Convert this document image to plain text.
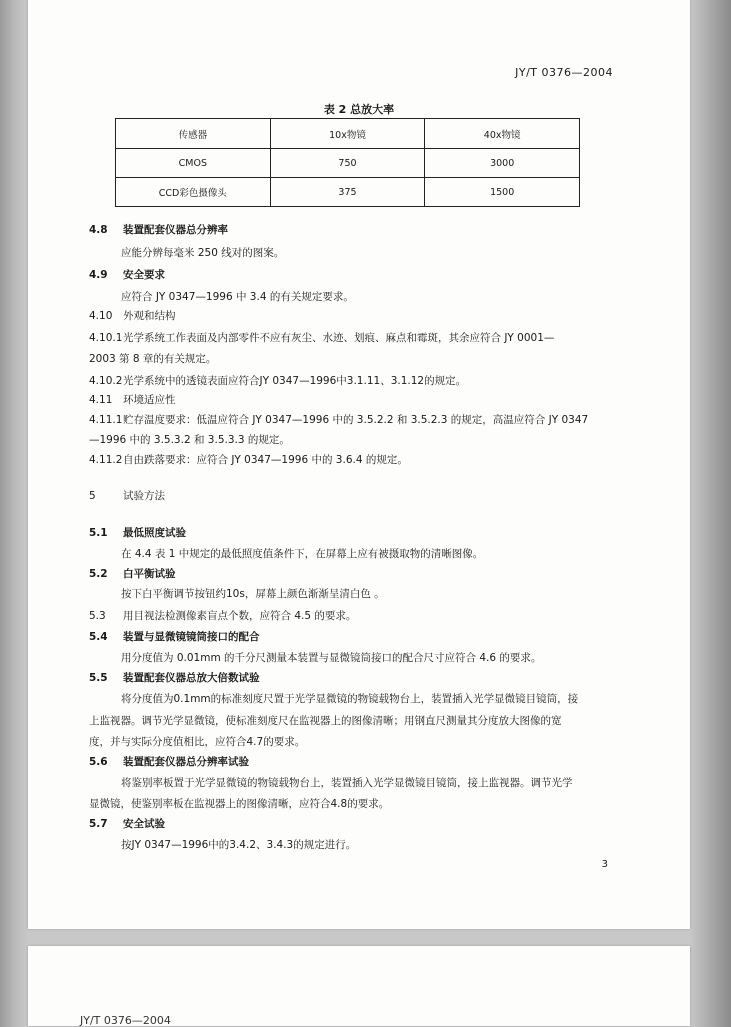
JY/T 0376—2004
表 2 总放大率
传感器	10x物镜	40x物镜
CMOS	750	3000
CCD彩色摄像头	375	1500
4.8 装置配套仪器总分辨率
应能分辨每毫米 250 线对的图案。
4.9 安全要求
应符合 JY 0347—1996 中 3.4 的有关规定要求。
4.10 外观和结构
4.10.1光学系统工作表面及内部零件不应有灰尘、水迹、划痕、麻点和霉斑，其余应符合 JY 0001—
2003 第 8 章的有关规定。
4.10.2光学系统中的透镜表面应符合JY 0347—1996中3.1.11、3.1.12的规定。
4.11 环境适应性
4.11.1贮存温度要求：低温应符合 JY 0347—1996 中的 3.5.2.2 和 3.5.2.3 的规定，高温应符合 JY 0347
—1996 中的 3.5.3.2 和 3.5.3.3 的规定。
4.11.2自由跌落要求：应符合 JY 0347—1996 中的 3.6.4 的规定。
5	试验方法
5.1 最低照度试验
在 4.4 表 1 中规定的最低照度值条件下，在屏幕上应有被摄取物的清晰图像。
5.2 白平衡试验
按下白平衡调节按钮约10s，屏幕上颜色渐渐呈清白色 。
5.3 用目视法检测像素盲点个数，应符合 4.5 的要求。
5.4 装置与显微镜镜筒接口的配合
用分度值为 0.01mm 的千分尺测量本装置与显微镜筒接口的配合尺寸应符合 4.6 的要求。
5.5 装置配套仪器总放大倍数试验
将分度值为0.1mm的标准刻度尺置于光学显微镜的物镜载物台上，装置插入光学显微镜目镜筒，接
上监视器。调节光学显微镜，使标准刻度尺在监视器上的图像清晰；用钢直尺测量其分度放大图像的宽
度，并与实际分度值相比，应符合4.7的要求。
5.6 装置配套仪器总分辨率试验
将鉴别率板置于光学显微镜的物镜载物台上，装置插入光学显微镜目镜筒，接上监视器。调节光学
显微镜，使鉴别率板在监视器上的图像清晰，应符合4.8的要求。
5.7 安全试验
按JY 0347—1996中的3.4.2、3.4.3的规定进行。
3
JY/T 0376—2004
